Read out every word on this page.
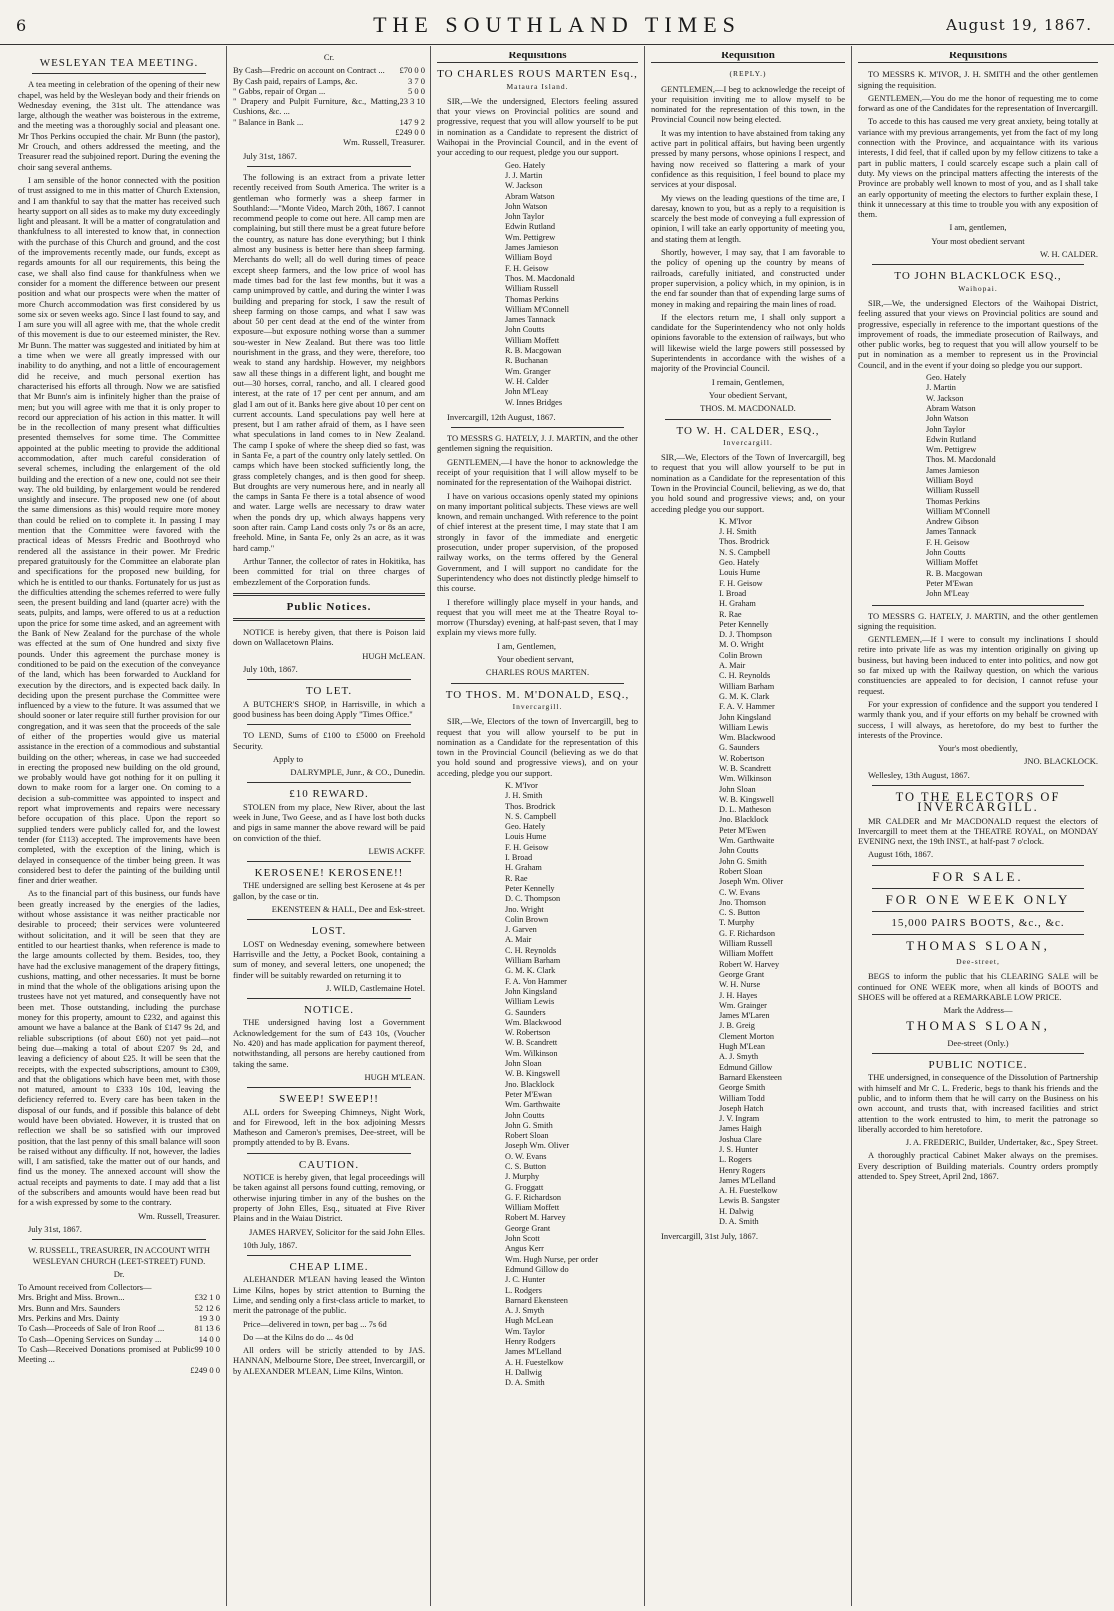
6	THE SOUTHLAND TIMES	August 19, 1867.
WESLEYAN TEA MEETING.

A tea meeting in celebration of the opening of their new chapel, was held by the Wesleyan body and their friends on Wednesday evening, the 31st ult. The attendance was large, although the weather was boisterous in the extreme, and the meeting was a thoroughly social and pleasant one. Mr Thos Perkins occupied the chair. Mr Bunn (the pastor), Mr Crouch, and others addressed the meeting, and the Treasurer read the subjoined report. During the evening the choir sang several anthems.

I am sensible of the honor connected with the position of trust assigned to me in this matter of Church Extension, and I am thankful to say that the matter has received such hearty support on all sides as to make my duty exceedingly light and pleasant. It will be a matter of congratulation and thankfulness to all interested to know that, in connection with the purchase of this Church and ground, and the cost of the improvements recently made, our funds, except as regards amounts for all our requirements, this being the case, we shall also find cause for thankfulness when we consider for a moment the difference between our present position and what our prospects were when the matter of more Church accommodation was first considered by us some six or seven weeks ago. Since I last found to say, and I am sure you will all agree with me, that the whole credit of this movement is due to our esteemed minister, the Rev. Mr Bunn. The matter was suggested and initiated by him at a time when we were all greatly impressed with our inability to do anything, and not a little of encouragement did he receive, and much personal exertion has characterised his efforts all through. Now we are satisfied that Mr Bunn's aim is infinitely higher than the praise of men; but you will agree with me that it is only proper to record our appreciation of his action in this matter. It will be in the recollection of many present what difficulties presented themselves for some time. The Committee appointed at the public meeting to provide the additional accommodation, after much careful consideration of several schemes, including the enlargement of the old building and the erection of a new one, could not see their way. The old building, by enlargement would be rendered unsightly and insecure. The proposed new one (of about the same dimensions as this) would require more money than could be relied on to complete it. In passing I may mention that the Committee were favored with the practical ideas of Messrs Fredric and Boothroyd who rendered all the assistance in their power. Mr Fredric prepared gratuitously for the Committee an elaborate plan and specifications for the proposed new building, for which he is entitled to our thanks. Fortunately for us just as the difficulties attending the schemes referred to were fully seen, the present building and land (quarter acre) with the seats, pulpits, and lamps, were offered to us at a reduction upon the price for some time asked, and an agreement with the Bank of New Zealand for the purchase of the whole was effected at the sum of One hundred and sixty five pounds. Under this agreement the purchase money is conditioned to be paid on the execution of the conveyance of the land, which has been forwarded to Auckland for execution by the directors, and is expected back daily. In deciding upon the present purchase the Committee were influenced by a view to the future. It was assumed that we should sooner or later require still further provision for our congregation, and it was seen that the proceeds of the sale of either of the properties would give us material assistance in the erection of a commodious and substantial building on the other; whereas, in case we had succeeded in erecting the proposed new building on the old ground, we probably would have got nothing for it on pulling it down to make room for a larger one. On coming to a decision a sub-committee was appointed to inspect and report what improvements and repairs were necessary before occupation of this place. Upon the report so supplied tenders were publicly called for, and the lowest tender (for £113) accepted. The improvements have been completed, with the exception of the lining, which is delayed in consequence of the timber being green. It was considered best to defer the painting of the building until finer and drier weather.

As to the financial part of this business, our funds have been greatly increased by the energies of the ladies, without whose assistance it was neither practicable nor desirable to proceed; their services were volunteered without solicitation, and it will be seen that they are entitled to our heartiest thanks, when reference is made to the large amounts collected by them. Besides, too, they have had the exclusive management of the drapery fittings, cushions, matting, and other necessaries. It must be borne in mind that the whole of the obligations arising upon the trustees have not yet matured, and consequently have not been met. Those outstanding, including the purchase money for this property, amount to £232, and against this amount we have a balance at the Bank of £147 9s 2d, and reliable subscriptions (of about £60) not yet paid—not being due—making a total of about £207 9s 2d, and leaving a deficiency of about £25. It will be seen that the receipts, with the expected subscriptions, amount to £309, and that the obligations which have been met, with those not matured, amount to £333 10s 10d, leaving the deficiency referred to. Every care has been taken in the disposal of our funds, and if possible this balance of debt would have been obviated. However, it is trusted that on reflection we shall be so satisfied with our improved position, that the last penny of this small balance will soon be raised without any difficulty. If not, however, the ladies will, I am satisfied, take the matter out of our hands, and find us the money. The annexed account will show the actual receipts and payments to date. I may add that a list of the subscribers and amounts would have been read but for a wish expressed by some to the contrary.

Wm. Russell, Treasurer.

July 31st, 1867.

W. RUSSELL, TREASURER, IN ACCOUNT WITH WESLEYAN CHURCH (LEET-STREET) FUND.

Dr.

To Amount received from Collectors—
Mrs. Bright and Miss. Brown...	£32 1 0
Mrs. Bunn and Mrs. Saunders	52 12 6
Mrs. Perkins and Mrs. Dainty	19 3 0
To Cash—Proceeds of Sale of Iron Roof ...	81 13 6
To Cash—Opening Services on Sunday ...	14 0 0
To Cash—Received Donations promised at Public Meeting ...
99 10 0
£249 0 0

Cr.

By Cash—Fredric on account on Contract ... £70 0 0
By Cash paid, repairs of Lamps, &c.	3 7 0
" Gabbs, repair of Organ ...	5 0 0
" Drapery and Pulpit Furniture, &c., Matting, Cushions, &c. ...
23 3 10
" Balance in Bank ...	147 9 2
£249 0 0

Wm. Russell, Treasurer.

July 31st, 1867.

The following is an extract from a private letter recently received from South America. The writer is a gentleman who formerly was a sheep farmer in Southland:—"Monte Video, March 20th, 1867. I cannot recommend people to come out here. All camp men are complaining, but still there must be a great future before the country, as nature has done everything; but I think almost any business is better here than sheep farming. Merchants do well; all do well during times of peace except sheep farmers, and the low price of wool has made times bad for the last few months, but it was a camp unimproved by cattle, and during the winter I was building and preparing for stock, I saw the result of sheep farming on those camps, and what I saw was about 50 per cent dead at the end of the winter from exposure—but exposure nothing worse than a summer sou-wester in New Zealand. But there was too little nourishment in the grass, and they were, therefore, too weak to stand any hardship. However, my neighbors saw all these things in a different light, and bought me out—30 horses, corral, rancho, and all. I cleared good interest, at the rate of 17 per cent per annum, and am glad I am out of it. Banks here give about 10 per cent on current accounts. Land speculations pay well here at present, but I am rather afraid of them, as I have seen what speculations in land comes to in New Zealand. The camp I spoke of where the sheep died so fast, was in Santa Fe, a part of the country only lately settled. On camps which have been stocked sufficiently long, the grass completely changes, and is then good for sheep. But droughts are very numerous here, and in nearly all the camps in Santa Fe there is a total absence of wood and water. Large wells are necessary to draw water when the ponds dry up, which always happens very soon after rain. Camp Land costs only 7s or 8s an acre, freehold. Mine, in Santa Fe, only 2s an acre, as it was hard camp."

Arthur Tanner, the collector of rates in Hokitika, has been committed for trial on three charges of embezzlement of the Corporation funds.

Public Notices.

NOTICE is hereby given, that there is Poison laid down on Wallacetown Plains.

HUGH McLEAN.

July 10th, 1867.

TO LET.

A BUTCHER'S SHOP, in Harrisville, in which a good business has been doing Apply "Times Office."

TO LEND, Sums of £100 to £5000 on Freehold Security.

Apply to

DALRYMPLE, Junr., & CO., Dunedin.

£10 REWARD.

STOLEN from my place, New River, about the last week in June, Two Geese, and as I have lost both ducks and pigs in same manner the above reward will be paid on conviction of the thief.

LEWIS ACKFF.

KEROSENE! KEROSENE!!

THE undersigned are selling best Kerosene at 4s per gallon, by the case or tin.

EKENSTEEN & HALL, Dee and Esk-street.

LOST.

LOST on Wednesday evening, somewhere between Harrisville and the Jetty, a Pocket Book, containing a sum of money, and several letters, one unopened; the finder will be suitably rewarded on returning it to

J. WILD, Castlemaine Hotel.

NOTICE.

THE undersigned having lost a Government Acknowledgement for the sum of £43 10s, (Voucher No. 420) and has made application for payment thereof, notwithstanding, all persons are hereby cautioned from taking the same.

HUGH M'LEAN.

SWEEP! SWEEP!!

ALL orders for Sweeping Chimneys, Night Work, and for Firewood, left in the box adjoining Messrs Matheson and Cameron's premises, Dee-street, will be promptly attended to by B. Evans.

CAUTION.

NOTICE is hereby given, that legal proceedings will be taken against all persons found cutting, removing, or otherwise injuring timber in any of the bushes on the property of John Elles, Esq., situated at Five River Plains and in the Waiau District.

JAMES HARVEY, Solicitor for the said John Elles.

10th July, 1867.

CHEAP LIME.

ALEHANDER M'LEAN having leased the Winton Lime Kilns, hopes by strict attention to Burning the Lime, and sending only a first-class article to market, to merit the patronage of the public.

Price—delivered in town, per bag ... 7s 6d

Do —at the Kilns do do ... 4s 0d

All orders will be strictly attended to by JAS. HANNAN, Melbourne Store, Dee street, Invercargill, or by ALEXANDER M'LEAN, Lime Kilns, Winton.

Requisitions
TO CHARLES ROUS MARTEN Esq.,

Mataura Island.

SIR,—We the undersigned, Electors feeling assured that your views on Provincial politics are sound and progressive, request that you will allow yourself to be put in nomination as a Candidate to represent the district of Waihopai in the Provincial Council, and in the event of your acceding to our request, pledge you our support.

Geo. Hately
J. J. Martin
W. Jackson
Abram Watson
John Watson
John Taylor
Edwin Rutland
Wm. Pettigrew
James Jamieson
William Boyd
F. H. Geisow
Thos. M. Macdonald
William Russell
Thomas Perkins
William M'Connell
James Tannack
John Coutts
William Moffett
R. B. Macgowan
R. Buchanan
Wm. Granger
W. H. Calder
John M'Leay
W. Innes Bridges

Invercargill, 12th August, 1867.

TO MESSRS G. HATELY, J. J. MARTIN, and the other gentlemen signing the requisition.

GENTLEMEN,—I have the honor to acknowledge the receipt of your requisition that I will allow myself to be nominated for the representation of the Waihopai district.

I have on various occasions openly stated my opinions on many important political subjects. These views are well known, and remain unchanged. With reference to the point of chief interest at the present time, I may state that I am strongly in favor of the immediate and energetic prosecution, under proper supervision, of the proposed railway works, on the terms offered by the General Government, and I will support no candidate for the Superintendency who does not distinctly pledge himself to this course.

I therefore willingly place myself in your hands, and request that you will meet me at the Theatre Royal to-morrow (Thursday) evening, at half-past seven, that I may explain my views more fully.

I am, Gentlemen,

Your obedient servant,

CHARLES ROUS MARTEN.

TO THOS. M. M'DONALD, ESQ.,

Invercargill.

SIR,—We, Electors of the town of Invercargill, beg to request that you will allow yourself to be put in nomination as a Candidate for the representation of this town in the Provincial Council (believing as we do that you hold sound and progressive views), and on your acceding, pledge you our support.

K. M'Ivor
J. H. Smith
Thos. Brodrick
N. S. Campbell
Geo. Hately
Louis Hume
F. H. Geisow
I. Broad
H. Graham
R. Rae
Peter Kennelly
D. C. Thompson
Jno. Wright
Colin Brown
J. Garven
A. Mair
C. H. Reynolds
William Barham
G. M. K. Clark
F. A. Von Hammer
John Kingsland
William Lewis
G. Saunders
Wm. Blackwood
W. Robertson
W. B. Scandrett
Wm. Wilkinson
John Sloan
W. B. Kingswell
Jno. Blacklock
Peter M'Ewan
Wm. Garthwaite
John Coutts
John G. Smith
Robert Sloan
Joseph Wm. Oliver
O. W. Evans
C. S. Button
J. Murphy
G. Froggatt
G. F. Richardson
William Moffett
Robert M. Harvey
George Grant
John Scott
Angus Kerr
Wm. Hugh Nurse, per order
Edmund Gillow do
J. C. Hunter
L. Rodgers
Barnard Ekensteen
A. J. Smyth
Hugh McLean
Wm. Taylor
Henry Rodgers
James M'Lelland
A. H. Fuestelkow
H. Dallwig
D. A. Smith
Requisition

(REPLY.)

GENTLEMEN,—I beg to acknowledge the receipt of your requisition inviting me to allow myself to be nominated for the representation of this town, in the Provincial Council now being elected.

It was my intention to have abstained from taking any active part in political affairs, but having been urgently pressed by many persons, whose opinions I respect, and having now received so flattering a mark of your confidence as this requisition, I feel bound to place my services at your disposal.

My views on the leading questions of the time are, I daresay, known to you, but as a reply to a requisition is scarcely the best mode of conveying a full expression of opinion, I will take an early opportunity of meeting you, and stating them at length.

Shortly, however, I may say, that I am favorable to the policy of opening up the country by means of railroads, carefully initiated, and constructed under proper supervision, a policy which, in my opinion, is in the end far sounder than that of expending large sums of money in making and repairing the main lines of road.

If the electors return me, I shall only support a candidate for the Superintendency who not only holds opinions favorable to the extension of railways, but who will likewise wield the large powers still possessed by Superintendents in accordance with the wishes of a majority of the Provincial Council.

I remain, Gentlemen,

Your obedient Servant,

THOS. M. MACDONALD.

TO W. H. CALDER, ESQ.,

Invercargill.

SIR,—We, Electors of the Town of Invercargill, beg to request that you will allow yourself to be put in nomination as a Candidate for the representation of this Town in the Provincial Council, believing, as we do, that you hold sound and progressive views; and, on your acceding pledge you our support.

K. M'Ivor
J. H. Smith
Thos. Brodrick
N. S. Campbell
Geo. Hately
Louis Hume
F. H. Geisow
I. Broad
H. Graham
R. Rae
Peter Kennelly
D. J. Thompson
M. O. Wright
Colin Brown
A. Mair
C. H. Reynolds
William Barham
G. M. K. Clark
F. A. V. Hammer
John Kingsland
William Lewis
Wm. Blackwood
G. Saunders
W. Robertson
W. B. Scandrett
Wm. Wilkinson
John Sloan
W. B. Kingswell
D. L. Matheson
Jno. Blacklock
Peter M'Ewen
Wm. Garthwaite
John Coutts
John G. Smith
Robert Sloan
Joseph Wm. Oliver
C. W. Evans
Jno. Thomson
C. S. Button
T. Murphy
G. F. Richardson
William Russell
William Moffett
Robert W. Harvey
George Grant
W. H. Nurse
J. H. Hayes
Wm. Grainger
James M'Laren
J. B. Greig
Clement Morton
Hugh M'Lean
A. J. Smyth
Edmund Gillow
Barnard Ekensteen
George Smith
William Todd
Joseph Hatch
J. V. Ingram
James Haigh
Joshua Clare
J. S. Hunter
L. Rogers
Henry Rogers
James M'Lelland
A. H. Fuestelkow
Lewis B. Sangster
H. Dalwig
D. A. Smith

Invercargill, 31st July, 1867.

Requisitions

TO MESSRS K. M'IVOR, J. H. SMITH and the other gentlemen signing the requisition.

GENTLEMEN,—You do me the honor of requesting me to come forward as one of the Candidates for the representation of Invercargill.

To accede to this has caused me very great anxiety, being totally at variance with my previous arrangements, yet from the fact of my long connection with the Province, and acquaintance with its various interests, I did feel, that if called upon by my fellow citizens to take a part in public matters, I could scarcely escape such a plain call of duty. My views on the principal matters affecting the interests of the Province are probably well known to most of you, and as I shall take an early opportunity of meeting the electors to further explain these, I think it unnecessary at this time to trouble you with any exposition of them.

I am, gentlemen,

Your most obedient servant

W. H. CALDER.

TO JOHN BLACKLOCK ESQ.,

Waihopai.

SIR,—We, the undersigned Electors of the Waihopai District, feeling assured that your views on Provincial politics are sound and progressive, especially in reference to the important questions of the improvement of roads, the immediate prosecution of Railways, and other public works, beg to request that you will allow yourself to be put in nomination as a member to represent us in the Provincial Council, and in the event if your doing so pledge you our support.

Geo. Hately
J. Martin
W. Jackson
Abram Watson
John Watson
John Taylor
Edwin Rutland
Wm. Pettigrew
Thos. M. Macdonald
James Jamieson
William Boyd
William Russell
Thomas Perkins
William M'Connell
Andrew Gibson
James Tannack
F. H. Geisow
John Coutts
William Moffet
R. B. Macgowan
Peter M'Ewan
John M'Leay

TO MESSRS G. HATELY, J. MARTIN, and the other gentlemen signing the requisition.

GENTLEMEN,—If I were to consult my inclinations I should retire into private life as was my intention originally on giving up business, but having been induced to enter into politics, and now got so far mixed up with the Railway question, on which the various constituencies are appealed to for decision, I cannot refuse your request.

For your expression of confidence and the support you tendered I warmly thank you, and if your efforts on my behalf be crowned with success, I will always, as heretofore, do my best to further the interests of the Province.

Your's most obediently,

JNO. BLACKLOCK.

Wellesley, 13th August, 1867.

TO THE ELECTORS OF INVERCARGILL.

MR CALDER and Mr MACDONALD request the electors of Invercargill to meet them at the THEATRE ROYAL, on MONDAY EVENING next, the 19th INST., at half-past 7 o'clock.

August 16th, 1867.

FOR SALE.
FOR ONE WEEK ONLY
15,000 PAIRS BOOTS, &c., &c.
THOMAS SLOAN,

Dee-street,

BEGS to inform the public that his CLEARING SALE will be continued for ONE WEEK more, when all kinds of BOOTS and SHOES will be offered at a REMARKABLE LOW PRICE.

Mark the Address—

THOMAS SLOAN,

Dee-street (Only.)

PUBLIC NOTICE.

THE undersigned, in consequence of the Dissolution of Partnership with himself and Mr C. L. Frederic, begs to thank his friends and the public, and to inform them that he will carry on the Business on his own account, and trusts that, with increased facilities and strict attention to the work entrusted to him, to merit the patronage so liberally accorded to him heretofore.

J. A. FREDERIC, Builder, Undertaker, &c., Spey Street.

A thoroughly practical Cabinet Maker always on the premises. Every description of Building materials. Country orders promptly attended to. Spey Street, April 2nd, 1867.
